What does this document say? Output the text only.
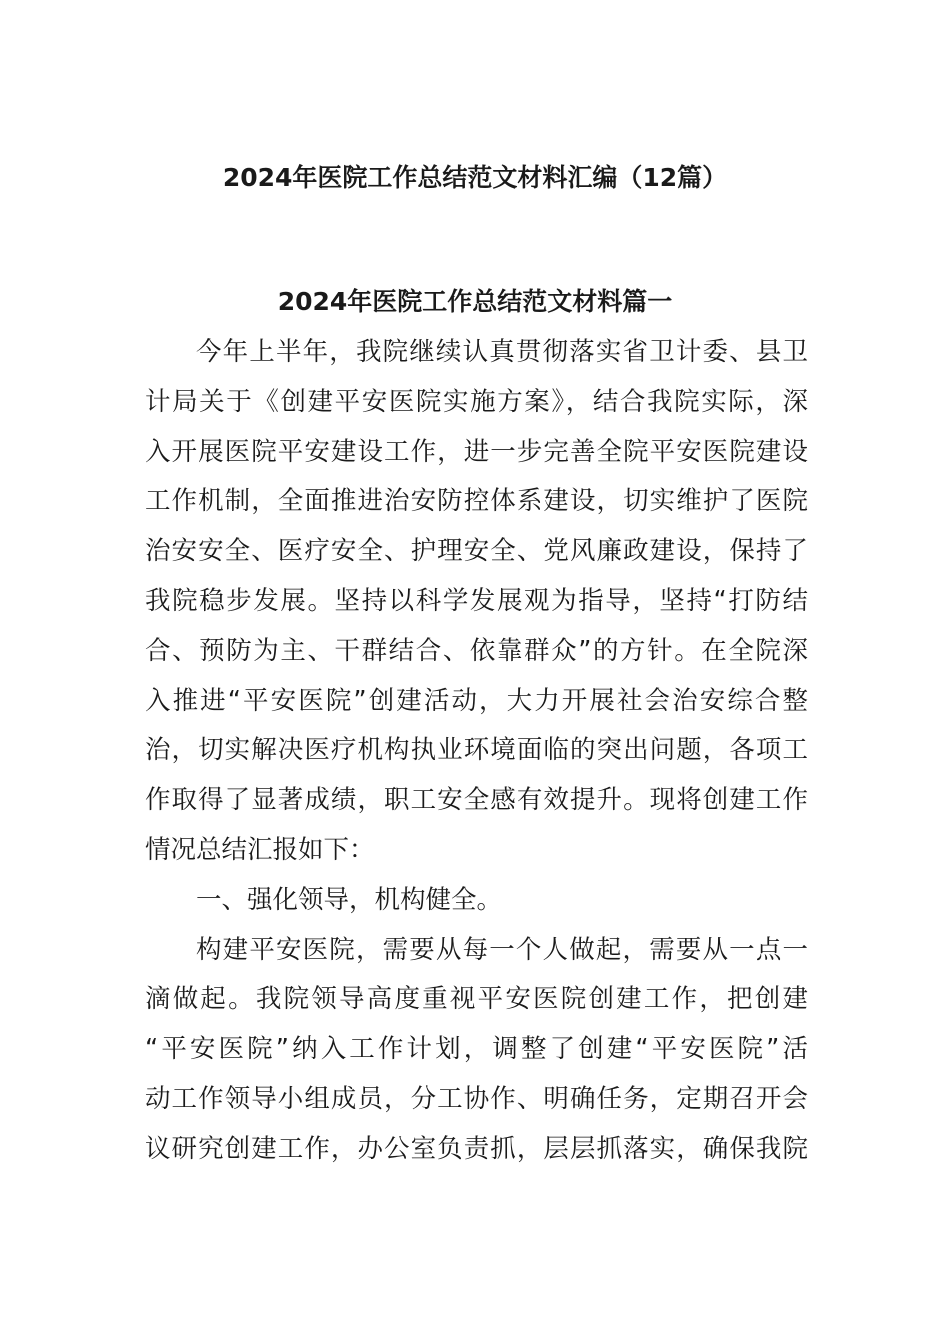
2024年医院工作总结范文材料汇编（12篇）
2024年医院工作总结范文材料篇一
今年上半年，我院继续认真贯彻落实省卫计委、县卫
计局关于《创建平安医院实施方案》，结合我院实际，深
入开展医院平安建设工作，进一步完善全院平安医院建设
工作机制，全面推进治安防控体系建设，切实维护了医院
治安安全、医疗安全、护理安全、党风廉政建设，保持了
我院稳步发展。坚持以科学发展观为指导，坚持“打防结
合、预防为主、干群结合、依靠群众”的方针。在全院深
入推进“平安医院”创建活动，大力开展社会治安综合整
治，切实解决医疗机构执业环境面临的突出问题，各项工
作取得了显著成绩，职工安全感有效提升。现将创建工作
情况总结汇报如下：
一、强化领导，机构健全。
构建平安医院，需要从每一个人做起，需要从一点一
滴做起。我院领导高度重视平安医院创建工作，把创建
“平安医院”纳入工作计划，调整了创建“平安医院”活
动工作领导小组成员，分工协作、明确任务，定期召开会
议研究创建工作，办公室负责抓，层层抓落实，确保我院
